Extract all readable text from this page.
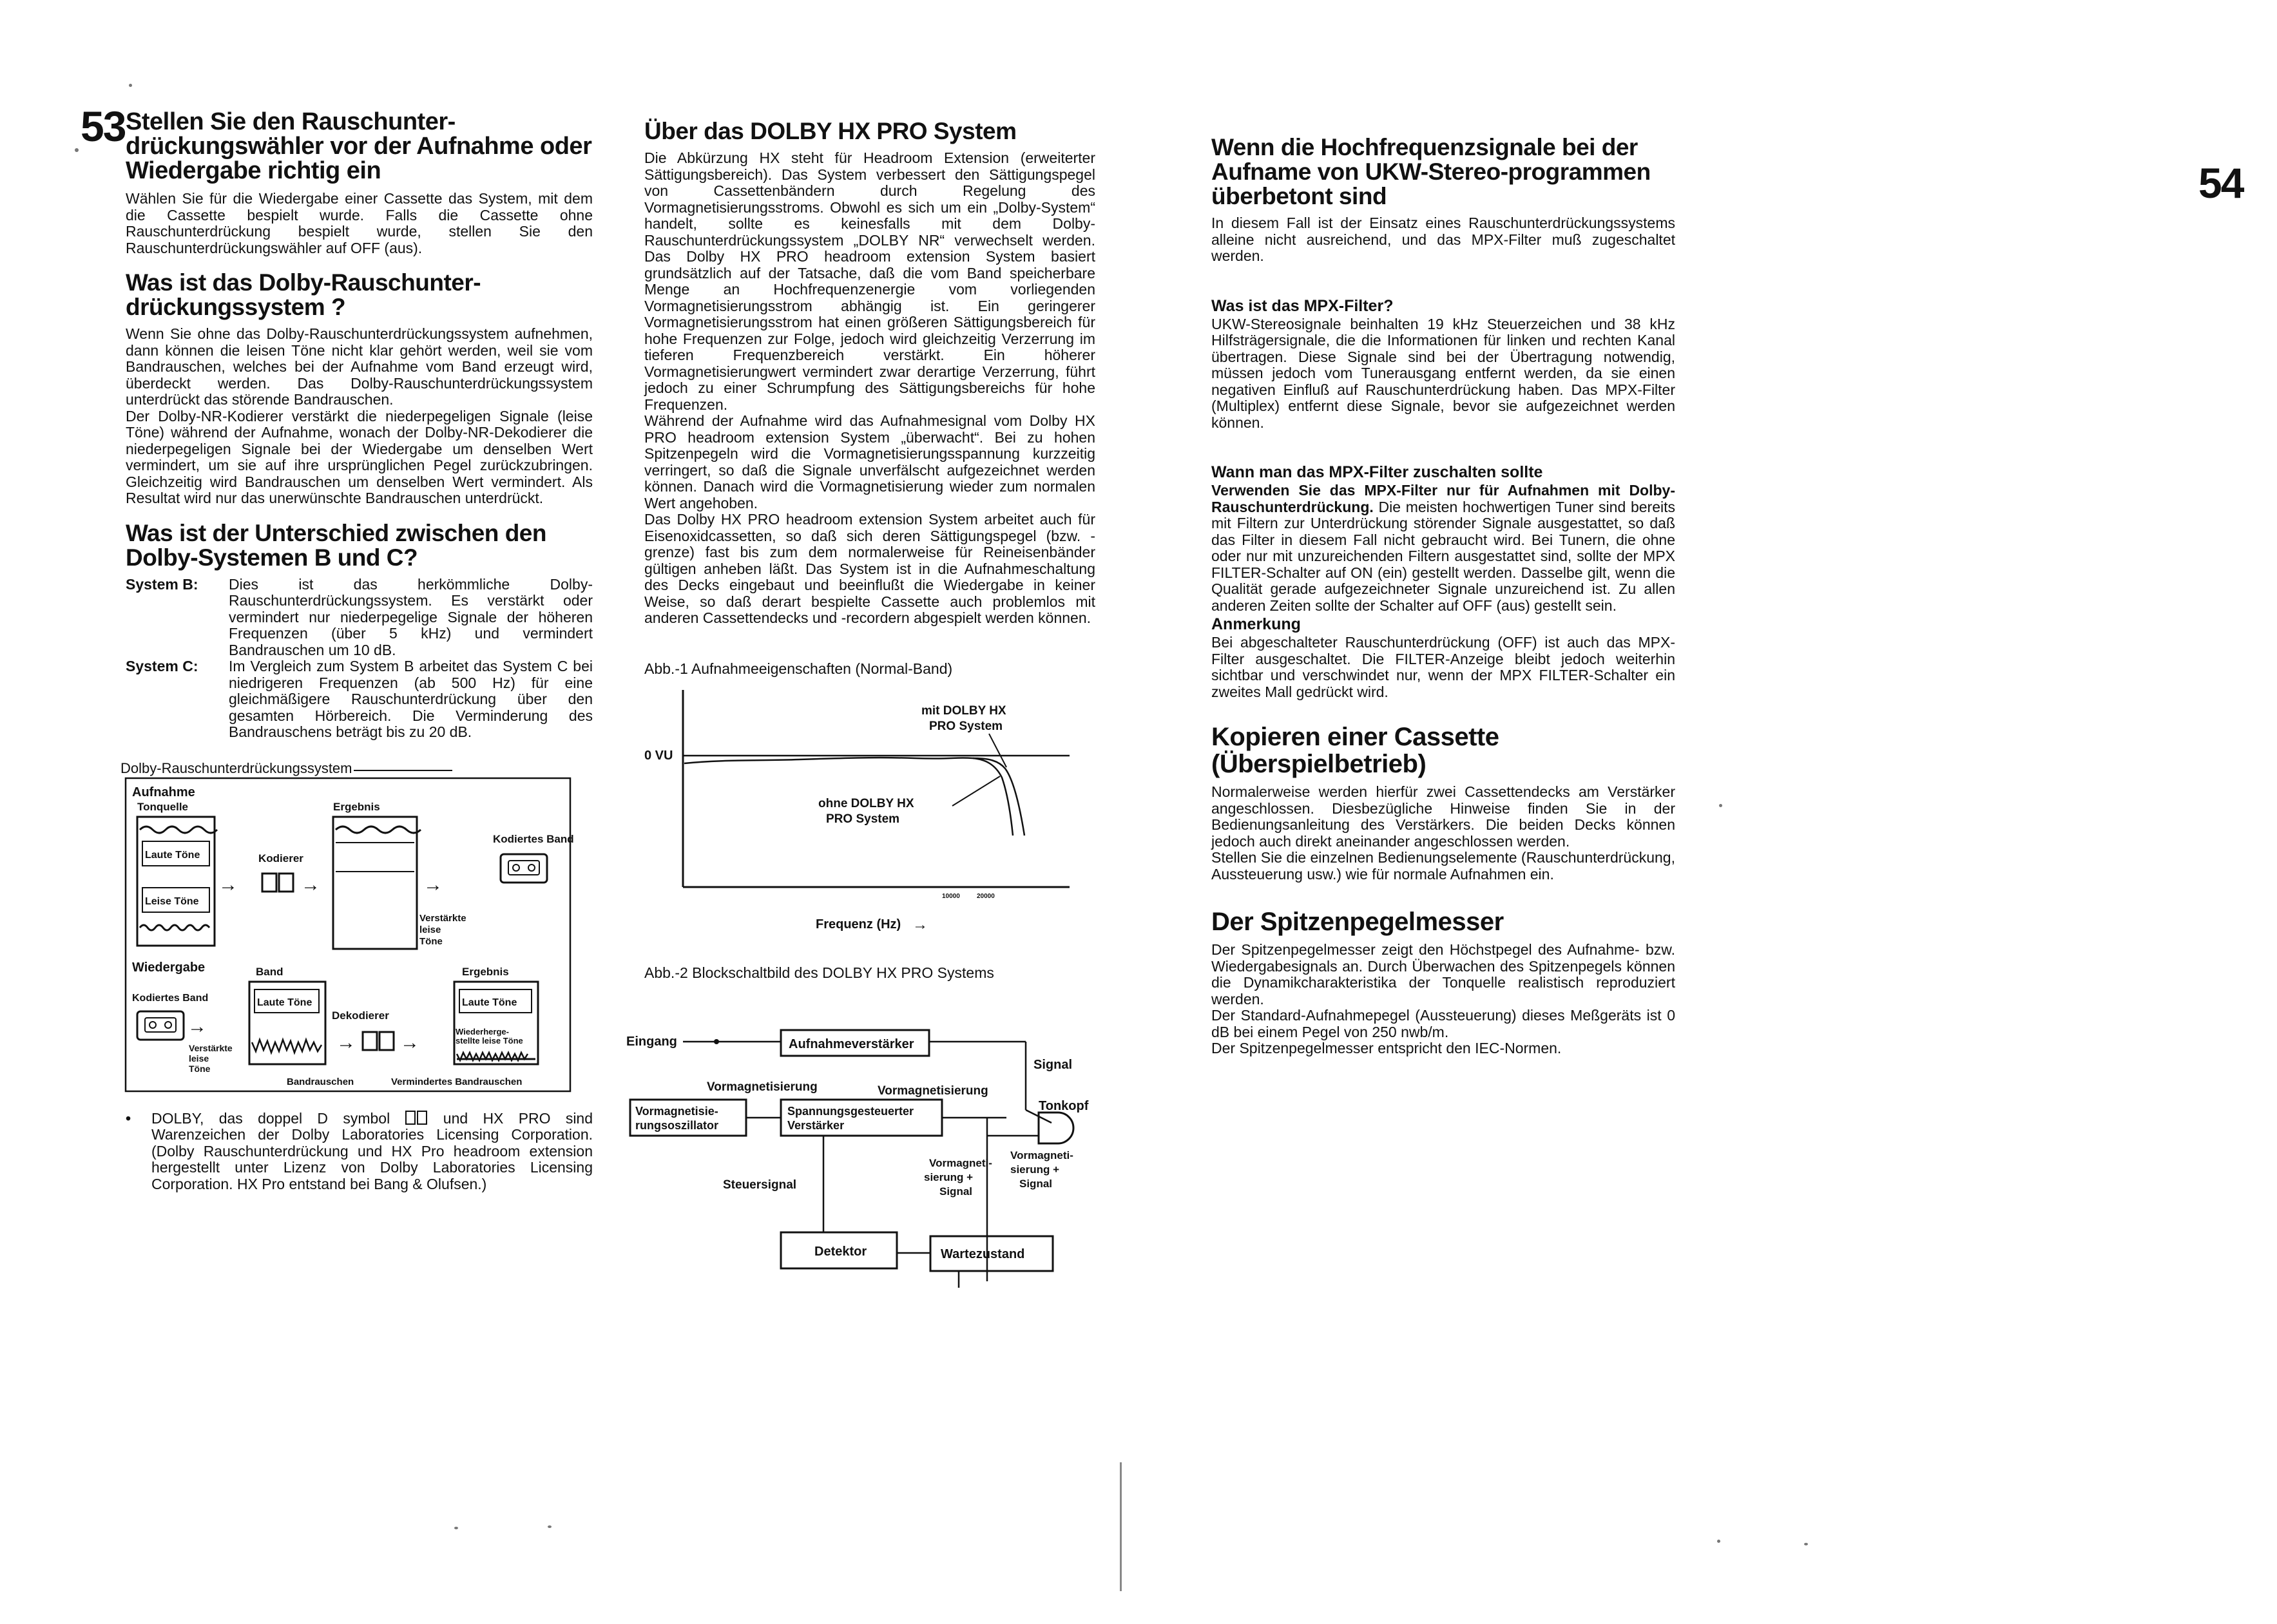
53
54
Stellen Sie den Rauschunter-drückungswähler vor der Aufnahme oder Wiedergabe richtig ein

Wählen Sie für die Wiedergabe einer Cassette das System, mit dem die Cassette bespielt wurde. Falls die Cassette ohne Rauschunterdrückung bespielt wurde, stellen Sie den Rauschunterdrückungswähler auf OFF (aus).

Was ist das Dolby-Rauschunter-drückungssystem ?

Wenn Sie ohne das Dolby-Rauschunterdrückungssystem aufnehmen, dann können die leisen Töne nicht klar gehört werden, weil sie vom Bandrauschen, welches bei der Aufnahme vom Band erzeugt wird, überdeckt werden. Das Dolby-Rauschunterdrückungssystem unterdrückt das störende Bandrauschen.

Der Dolby-NR-Kodierer verstärkt die niederpegeligen Signale (leise Töne) während der Aufnahme, wonach der Dolby-NR-Dekodierer die niederpegeligen Signale bei der Wiedergabe um denselben Wert vermindert, um sie auf ihre ursprünglichen Pegel zurückzubringen. Gleichzeitig wird Bandrauschen um denselben Wert vermindert. Als Resultat wird nur das unerwünschte Bandrauschen unterdrückt.

Was ist der Unterschied zwischen den Dolby-Systemen B und C?
System B:	Dies ist das herkömmliche Dolby-Rauschunterdrückungssystem. Es verstärkt oder vermindert nur niederpegelige Signale der höheren Frequenzen (über 5 kHz) und vermindert Bandrauschen um 10 dB.
System C:	Im Vergleich zum System B arbeitet das System C bei niedrigeren Frequenzen (ab 500 Hz) für eine gleichmäßigere Rauschunterdrückung über den gesamten Hörbereich. Die Verminderung des Bandrauschens beträgt bis zu 20 dB.
Dolby-Rauschunterdrückungssystem
Aufnahme
Tonquelle	Ergebnis
Laute Töne
Leise Töne
→
Kodierer
→	→
Kodiertes Band
Verstärkte
leise
Töne
Wiedergabe	Band	Ergebnis
Kodiertes Band
→
Verstärkte
leise
Töne
Laute Töne
Dekodierer
→ →
Laute Töne
Wiederherge-
stellte leise Töne
Bandrauschen	Vermindertes Bandrauschen
•	DOLBY, das doppel D symbol	und HX PRO sind Warenzeichen der Dolby Laboratories Licensing Corporation. (Dolby Rauschunterdrückung und HX Pro headroom extension hergestellt unter Lizenz von Dolby Laboratories Licensing Corporation. HX Pro entstand bei Bang & Olufsen.)
Über das DOLBY HX PRO System

Die Abkürzung HX steht für Headroom Extension (erweiterter Sättigungsbereich). Das System verbessert den Sättigungspegel von Cassettenbändern durch Regelung des Vormagnetisierungsstroms. Obwohl es sich um ein „Dolby-System“ handelt, sollte es keinesfalls mit dem Dolby-Rauschunterdrückungssystem „DOLBY NR“ verwechselt werden. Das Dolby HX PRO headroom extension System basiert grundsätzlich auf der Tatsache, daß die vom Band speicherbare Menge an Hochfrequenzenergie vom vorliegenden Vormagnetisierungsstrom abhängig ist. Ein geringerer Vormagnetisierungsstrom hat einen größeren Sättigungsbereich für hohe Frequenzen zur Folge, jedoch wird gleichzeitig Verzerrung im tieferen Frequenzbereich verstärkt. Ein höherer Vormagnetisierungwert vermindert zwar derartige Verzerrung, führt jedoch zu einer Schrumpfung des Sättigungsbereichs für hohe Frequenzen.

Während der Aufnahme wird das Aufnahmesignal vom Dolby HX PRO headroom extension System „überwacht“. Bei zu hohen Spitzenpegeln wird die Vormagnetisierungsspannung kurzzeitig verringert, so daß die Signale unverfälscht aufgezeichnet werden können. Danach wird die Vormagnetisierung wieder zum normalen Wert angehoben.

Das Dolby HX PRO headroom extension System arbeitet auch für Eisenoxidcassetten, so daß sich deren Sättigungspegel (bzw. -grenze) fast bis zum dem normalerweise für Reineisenbänder gültigen anheben läßt. Das System ist in die Aufnahmeschaltung des Decks eingebaut und beeinflußt die Wiedergabe in keiner Weise, so daß derart bespielte Cassette auch problemlos mit anderen Cassettendecks und -recordern abgespielt werden können.

Abb.-1 Aufnahmeeigenschaften (Normal-Band)
0 VU
mit DOLBY HX
PRO System
ohne DOLBY HX
PRO System
10000	20000
Frequenz (Hz) →
Abb.-2 Blockschaltbild des DOLBY HX PRO Systems
Eingang	Aufnahmeverstärker
Signal
Vormagnetisierung	Vormagnetisierung
Tonkopf
Vormagnetisie-
rungsoszillator
Spannungsgesteuerter
Verstärker
Vormagneti-
sierung +
Signal
Steuersignal
Vormagneti-
sierung +
Signal
Detektor	Wartezustand
Wenn die Hochfrequenzsignale bei der Aufname von UKW-Stereo-programmen überbetont sind

In diesem Fall ist der Einsatz eines Rauschunterdrückungssystems alleine nicht ausreichend, und das MPX-Filter muß zugeschaltet werden.

Was ist das MPX-Filter?

UKW-Stereosignale beinhalten 19 kHz Steuerzeichen und 38 kHz Hilfsträgersignale, die die Informationen für linken und rechten Kanal übertragen. Diese Signale sind bei der Übertragung notwendig, müssen jedoch vom Tunerausgang entfernt werden, da sie einen negativen Einfluß auf Rauschunterdrückung haben. Das MPX-Filter (Multiplex) entfernt diese Signale, bevor sie aufgezeichnet werden können.

Wann man das MPX-Filter zuschalten sollte

Verwenden Sie das MPX-Filter nur für Aufnahmen mit Dolby-Rauschunterdrückung. Die meisten hochwertigen Tuner sind bereits mit Filtern zur Unterdrückung störender Signale ausgestattet, so daß das Filter in diesem Fall nicht gebraucht wird. Bei Tunern, die ohne oder nur mit unzureichenden Filtern ausgestattet sind, sollte der MPX FILTER-Schalter auf ON (ein) gestellt werden. Dasselbe gilt, wenn die Qualität gerade aufgezeichneter Signale unzureichend ist. Zu allen anderen Zeiten sollte der Schalter auf OFF (aus) gestellt sein.

Anmerkung

Bei abgeschalteter Rauschunterdrückung (OFF) ist auch das MPX-Filter ausgeschaltet. Die FILTER-Anzeige bleibt jedoch weiterhin sichtbar und verschwindet nur, wenn der MPX FILTER-Schalter ein zweites Mall gedrückt wird.

Kopieren einer Cassette (Überspielbetrieb)

Normalerweise werden hierfür zwei Cassettendecks am Verstärker angeschlossen. Diesbezügliche Hinweise finden Sie in der Bedienungsanleitung des Verstärkers. Die beiden Decks können jedoch auch direkt aneinander angeschlossen werden.

Stellen Sie die einzelnen Bedienungselemente (Rauschunterdrückung, Aussteuerung usw.) wie für normale Aufnahmen ein.

Der Spitzenpegelmesser

Der Spitzenpegelmesser zeigt den Höchstpegel des Aufnahme- bzw. Wiedergabesignals an. Durch Überwachen des Spitzenpegels können die Dynamikcharakteristika der Tonquelle realistisch reproduziert werden.

Der Standard-Aufnahmepegel (Aussteuerung) dieses Meßgeräts ist 0 dB bei einem Pegel von 250 nwb/m.

Der Spitzenpegelmesser entspricht den IEC-Normen.
